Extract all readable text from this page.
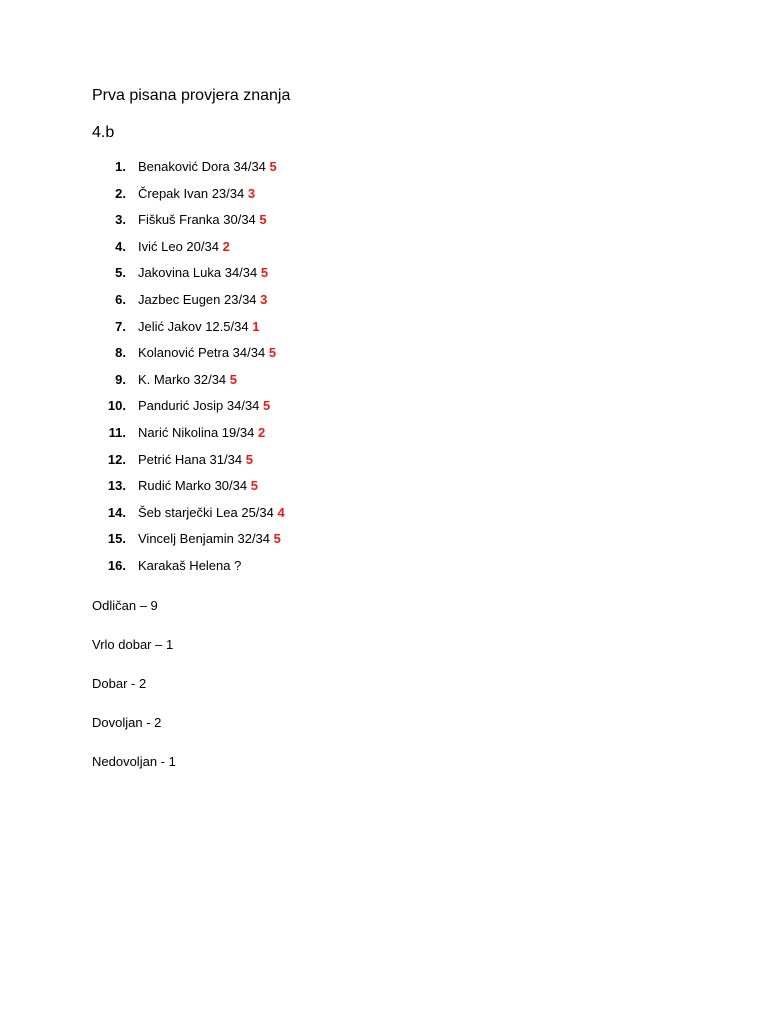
Prva pisana provjera znanja
4.b
1. Benaković Dora 34/34 5
2. Črepak Ivan 23/34 3
3. Fiškuš Franka 30/34 5
4. Ivić Leo 20/34 2
5. Jakovina Luka 34/34 5
6. Jazbec Eugen 23/34 3
7. Jelić Jakov 12.5/34 1
8. Kolanović Petra 34/34 5
9. K. Marko 32/34 5
10. Pandurić Josip 34/34 5
11. Narić Nikolina 19/34 2
12. Petrić Hana 31/34 5
13. Rudić Marko 30/34 5
14. Šeb starječki Lea 25/34 4
15. Vincelj Benjamin 32/34 5
16. Karakaš Helena ?
Odličan – 9
Vrlo dobar – 1
Dobar - 2
Dovoljan - 2
Nedovoljan - 1
